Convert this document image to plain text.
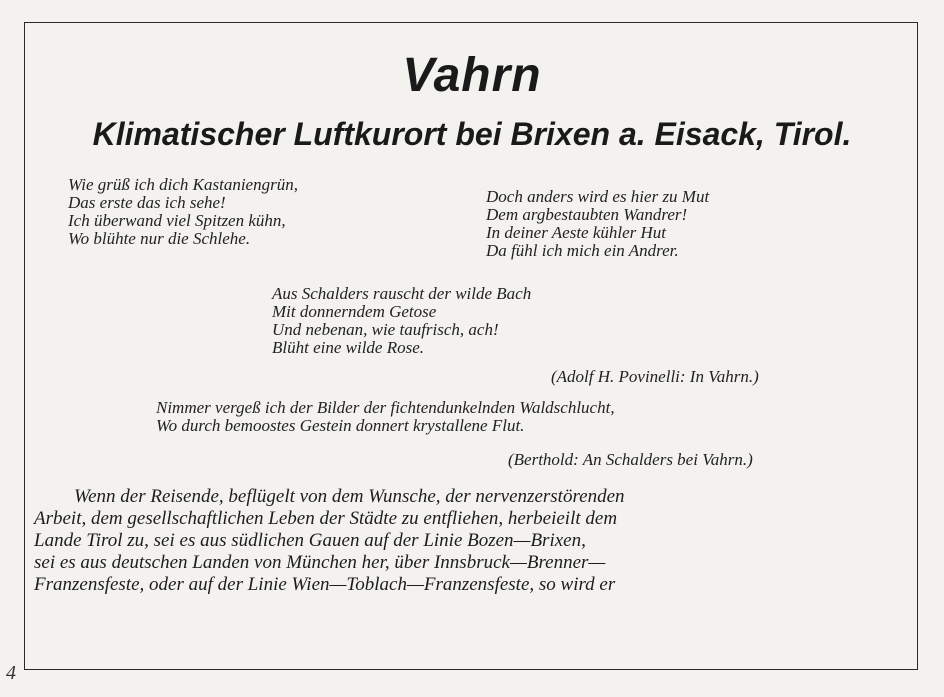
Vahrn
Klimatischer Luftkurort bei Brixen a. Eisack, Tirol.
Wie grüß ich dich Kastaniengrün,
Das erste das ich sehe!
Ich überwand viel Spitzen kühn,
Wo blühte nur die Schlehe.
Doch anders wird es hier zu Mut
Dem argbestaubten Wandrer!
In deiner Aeste kühler Hut
Da fühl ich mich ein Andrer.
Aus Schalders rauscht der wilde Bach
Mit donnerndem Getose
Und nebenan, wie taufrisch, ach!
Blüht eine wilde Rose.
(Adolf H. Povinelli: In Vahrn.)
Nimmer vergeß ich der Bilder der fichtendunkelnden Waldschlucht,
Wo durch bemoostes Gestein donnert krystallene Flut.
(Berthold: An Schalders bei Vahrn.)
Wenn der Reisende, beflügelt von dem Wunsche, der nervenzerstörenden
Arbeit, dem gesellschaftlichen Leben der Städte zu entfliehen, herbeieilt dem
Lande Tirol zu, sei es aus südlichen Gauen auf der Linie Bozen—Brixen,
sei es aus deutschen Landen von München her, über Innsbruck—Brenner—
Franzensfeste, oder auf der Linie Wien—Toblach—Franzensfeste, so wird er
4
